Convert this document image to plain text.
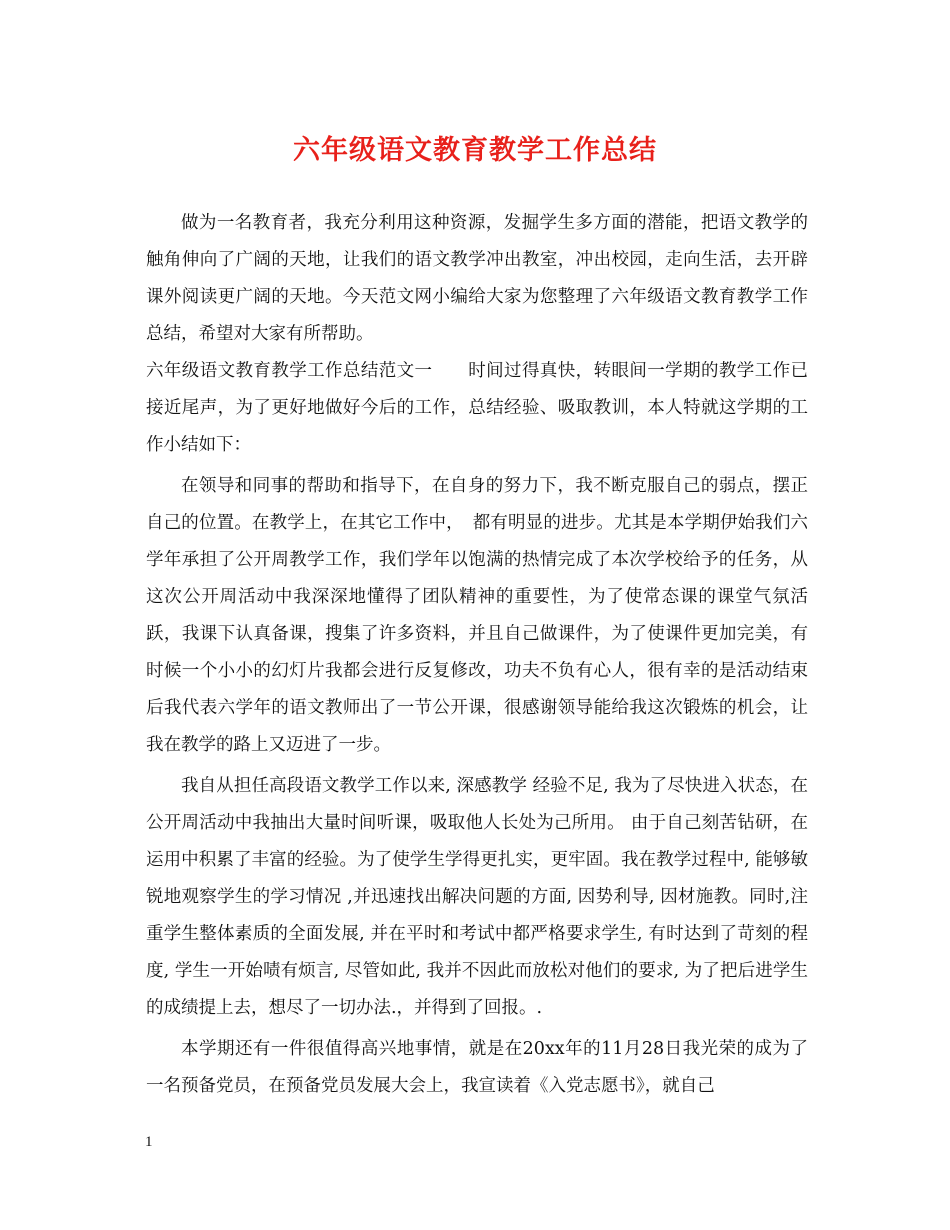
六年级语文教育教学工作总结

做为一名教育者，我充分利用这种资源，发掘学生多方面的潜能，把语文教学的触角伸向了广阔的天地，让我们的语文教学冲出教室，冲出校园，走向生活，去开辟课外阅读更广阔的天地。今天范文网小编给大家为您整理了六年级语文教育教学工作总结，希望对大家有所帮助。

六年级语文教育教学工作总结范文一　　时间过得真快，转眼间一学期的教学工作已接近尾声，为了更好地做好今后的工作，总结经验、吸取教训，本人特就这学期的工作小结如下：

在领导和同事的帮助和指导下，在自身的努力下，我不断克服自己的弱点，摆正自己的位置。在教学上，在其它工作中，　都有明显的进步。尤其是本学期伊始我们六学年承担了公开周教学工作，我们学年以饱满的热情完成了本次学校给予的任务，从这次公开周活动中我深深地懂得了团队精神的重要性，为了使常态课的课堂气氛活跃，我课下认真备课，搜集了许多资料，并且自己做课件，为了使课件更加完美，有时候一个小小的幻灯片我都会进行反复修改，功夫不负有心人，很有幸的是活动结束后我代表六学年的语文教师出了一节公开课，很感谢领导能给我这次锻炼的机会，让我在教学的路上又迈进了一步。

我自从担任高段语文教学工作以来, 深感教学 经验不足, 我为了尽快进入状态，在公开周活动中我抽出大量时间听课，吸取他人长处为己所用。 由于自己刻苦钻研，在运用中积累了丰富的经验。为了使学生学得更扎实，更牢固。我在教学过程中, 能够敏锐地观察学生的学习情况 ,并迅速找出解决问题的方面, 因势利导, 因材施教。同时,注重学生整体素质的全面发展, 并在平时和考试中都严格要求学生, 有时达到了苛刻的程度, 学生一开始啧有烦言, 尽管如此, 我并不因此而放松对他们的要求, 为了把后进学生的成绩提上去，想尽了一切办法.，并得到了回报。.

本学期还有一件很值得高兴地事情，就是在20xx年的11月28日我光荣的成为了一名预备党员，在预备党员发展大会上，我宣读着《入党志愿书》，就自己

1
